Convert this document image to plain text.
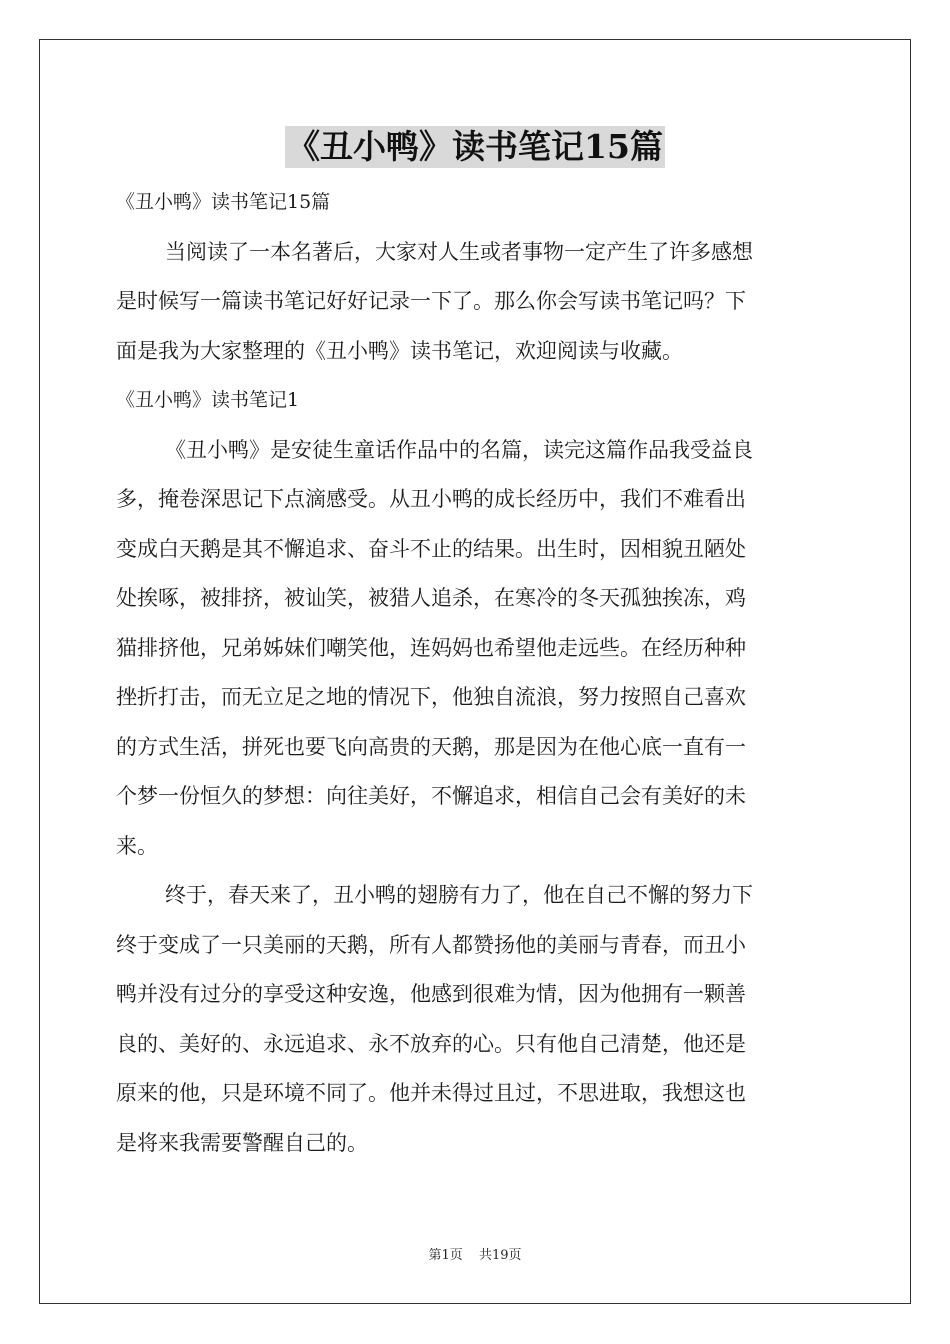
《丑小鸭》读书笔记15篇

《丑小鸭》读书笔记15篇

当阅读了一本名著后，大家对人生或者事物一定产生了许多感想

是时候写一篇读书笔记好好记录一下了。那么你会写读书笔记吗？下

面是我为大家整理的《丑小鸭》读书笔记，欢迎阅读与收藏。

《丑小鸭》读书笔记1

《丑小鸭》是安徒生童话作品中的名篇，读完这篇作品我受益良

多，掩卷深思记下点滴感受。从丑小鸭的成长经历中，我们不难看出

变成白天鹅是其不懈追求、奋斗不止的结果。出生时，因相貌丑陋处

处挨啄，被排挤，被讪笑，被猎人追杀，在寒冷的冬天孤独挨冻，鸡

猫排挤他，兄弟姊妹们嘲笑他，连妈妈也希望他走远些。在经历种种

挫折打击，而无立足之地的情况下，他独自流浪，努力按照自己喜欢

的方式生活，拼死也要飞向高贵的天鹅，那是因为在他心底一直有一

个梦一份恒久的梦想：向往美好，不懈追求，相信自己会有美好的未

来。

终于，春天来了，丑小鸭的翅膀有力了，他在自己不懈的努力下

终于变成了一只美丽的天鹅，所有人都赞扬他的美丽与青春，而丑小

鸭并没有过分的享受这种安逸，他感到很难为情，因为他拥有一颗善

良的、美好的、永远追求、永不放弃的心。只有他自己清楚，他还是

原来的他，只是环境不同了。他并未得过且过，不思进取，我想这也

是将来我需要警醒自己的。

第1页 共19页
